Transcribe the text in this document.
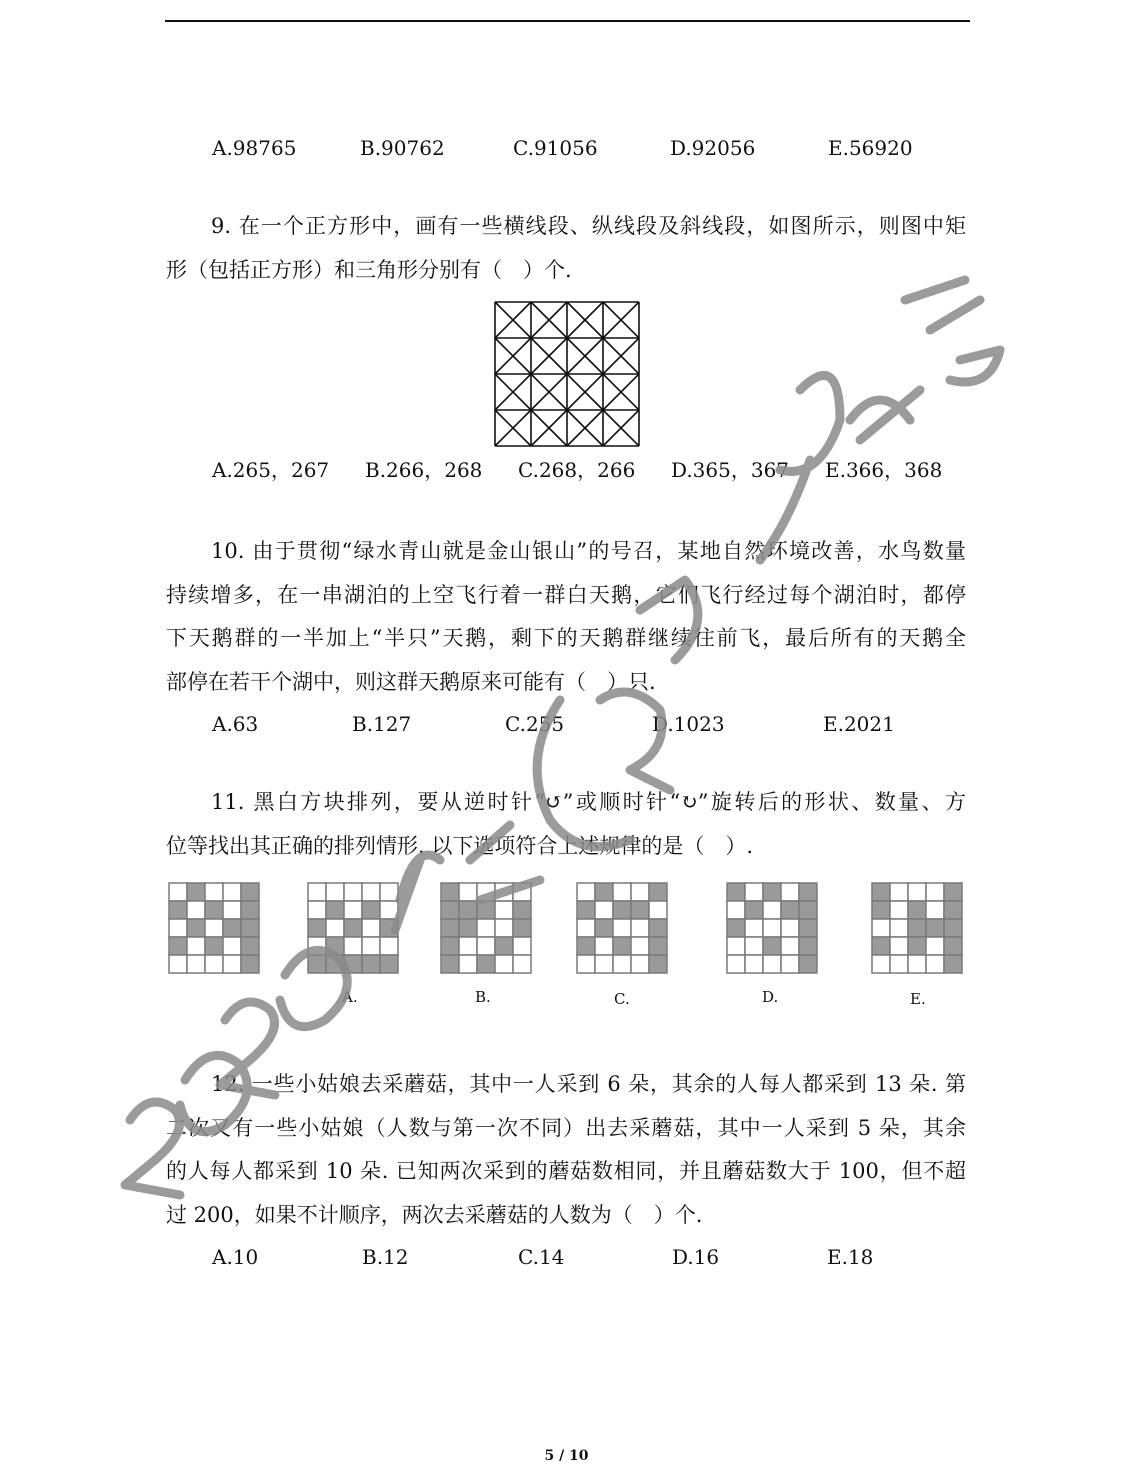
A.98765	B.90762	C.91056	D.92056	E.56920
9. 在一个正方形中，画有一些横线段、纵线段及斜线段，如图所示，则图中矩
形（包括正方形）和三角形分别有（　）个.
A.265，267 B.266，268 C.268，266 D.365，367 E.366，368
10. 由于贯彻“绿水青山就是金山银山”的号召，某地自然环境改善，水鸟数量
持续增多，在一串湖泊的上空飞行着一群白天鹅，它们飞行经过每个湖泊时，都停
下天鹅群的一半加上“半只”天鹅，剩下的天鹅群继续往前飞，最后所有的天鹅全
部停在若干个湖中，则这群天鹅原来可能有（　）只.
A.63	B.127	C.255	D.1023	E.2021
11. 黑白方块排列，要从逆时针“↺”或顺时针“↻”旋转后的形状、数量、方
位等找出其正确的排列情形. 以下选项符合上述规律的是（　）.
A.	B.	C.	D.	E.
12. 一些小姑娘去采蘑菇，其中一人采到 6 朵，其余的人每人都采到 13 朵. 第
二次又有一些小姑娘（人数与第一次不同）出去采蘑菇，其中一人采到 5 朵，其余
的人每人都采到 10 朵. 已知两次采到的蘑菇数相同，并且蘑菇数大于 100，但不超
过 200，如果不计顺序，两次去采蘑菇的人数为（　）个.
A.10	B.12	C.14	D.16	E.18
5 / 10
